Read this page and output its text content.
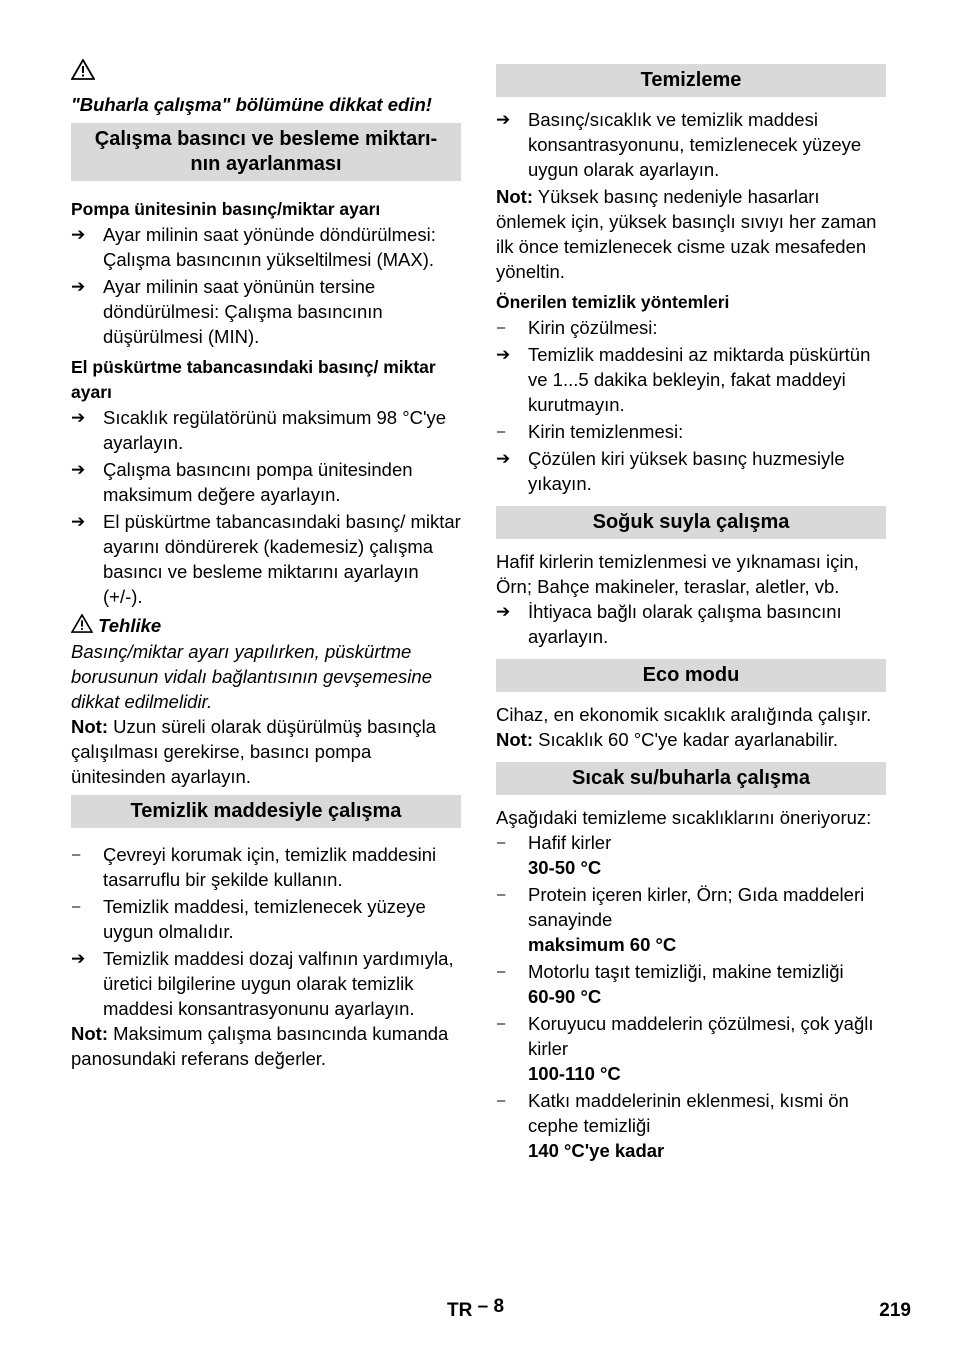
"Buharla çalışma" bölümüne dikkat edin!
Çalışma basıncı ve besleme miktarı-
nın ayarlanması
Pompa ünitesinin basınç/miktar ayarı
➔ Ayar milinin saat yönünde döndürülmesi: Çalışma basıncının yükseltilmesi (MAX).
➔ Ayar milinin saat yönünün tersine döndürülmesi: Çalışma basıncının düşürülmesi (MIN).
El püskürtme tabancasındaki basınç/ miktar ayarı
➔ Sıcaklık regülatörünü maksimum 98 °C'ye ayarlayın.
➔ Çalışma basıncını pompa ünitesinden maksimum değere ayarlayın.
➔ El püskürtme tabancasındaki basınç/ miktar ayarını döndürerek (kademesiz) çalışma basıncı ve besleme miktarını ayarlayın (+/-).
Tehlike
Basınç/miktar ayarı yapılırken, püskürtme borusunun vidalı bağlantısının gevşemesine dikkat edilmelidir.
Not: Uzun süreli olarak düşürülmüş basınçla çalışılması gerekirse, basıncı pompa ünitesinden ayarlayın.
Temizlik maddesiyle çalışma
–	Çevreyi korumak için, temizlik maddesini tasarruflu bir şekilde kullanın.
–	Temizlik maddesi, temizlenecek yüzeye uygun olmalıdır.
➔ Temizlik maddesi dozaj valfının yardımıyla, üretici bilgilerine uygun olarak temizlik maddesi konsantrasyonunu ayarlayın.
Not: Maksimum çalışma basıncında kumanda panosundaki referans değerler.
Temizleme
➔ Basınç/sıcaklık ve temizlik maddesi konsantrasyonunu, temizlenecek yüzeye uygun olarak ayarlayın.
Not: Yüksek basınç nedeniyle hasarları önlemek için, yüksek basınçlı sıvıyı her zaman ilk önce temizlenecek cisme uzak mesafeden yöneltin.
Önerilen temizlik yöntemleri
–	Kirin çözülmesi:
➔ Temizlik maddesini az miktarda püskürtün ve 1...5 dakika bekleyin, fakat maddeyi kurutmayın.
–	Kirin temizlenmesi:
➔ Çözülen kiri yüksek basınç huzmesiyle yıkayın.
Soğuk suyla çalışma
Hafif kirlerin temizlenmesi ve yıknaması için, Örn; Bahçe makineler, teraslar, aletler, vb.
➔ İhtiyaca bağlı olarak çalışma basıncını ayarlayın.
Eco modu
Cihaz, en ekonomik sıcaklık aralığında çalışır.
Not: Sıcaklık 60 °C'ye kadar ayarlanabilir.
Sıcak su/buharla çalışma
Aşağıdaki temizleme sıcaklıklarını öneriyoruz:
–	Hafif kirler
30-50 °C
–	Protein içeren kirler, Örn; Gıda maddeleri sanayinde
maksimum 60 °C
–	Motorlu taşıt temizliği, makine temizliği
60-90 °C
–	Koruyucu maddelerin çözülmesi, çok yağlı kirler
100-110 °C
–	Katkı maddelerinin eklenmesi, kısmi ön cephe temizliği
140 °C'ye kadar
TR – 8	219
